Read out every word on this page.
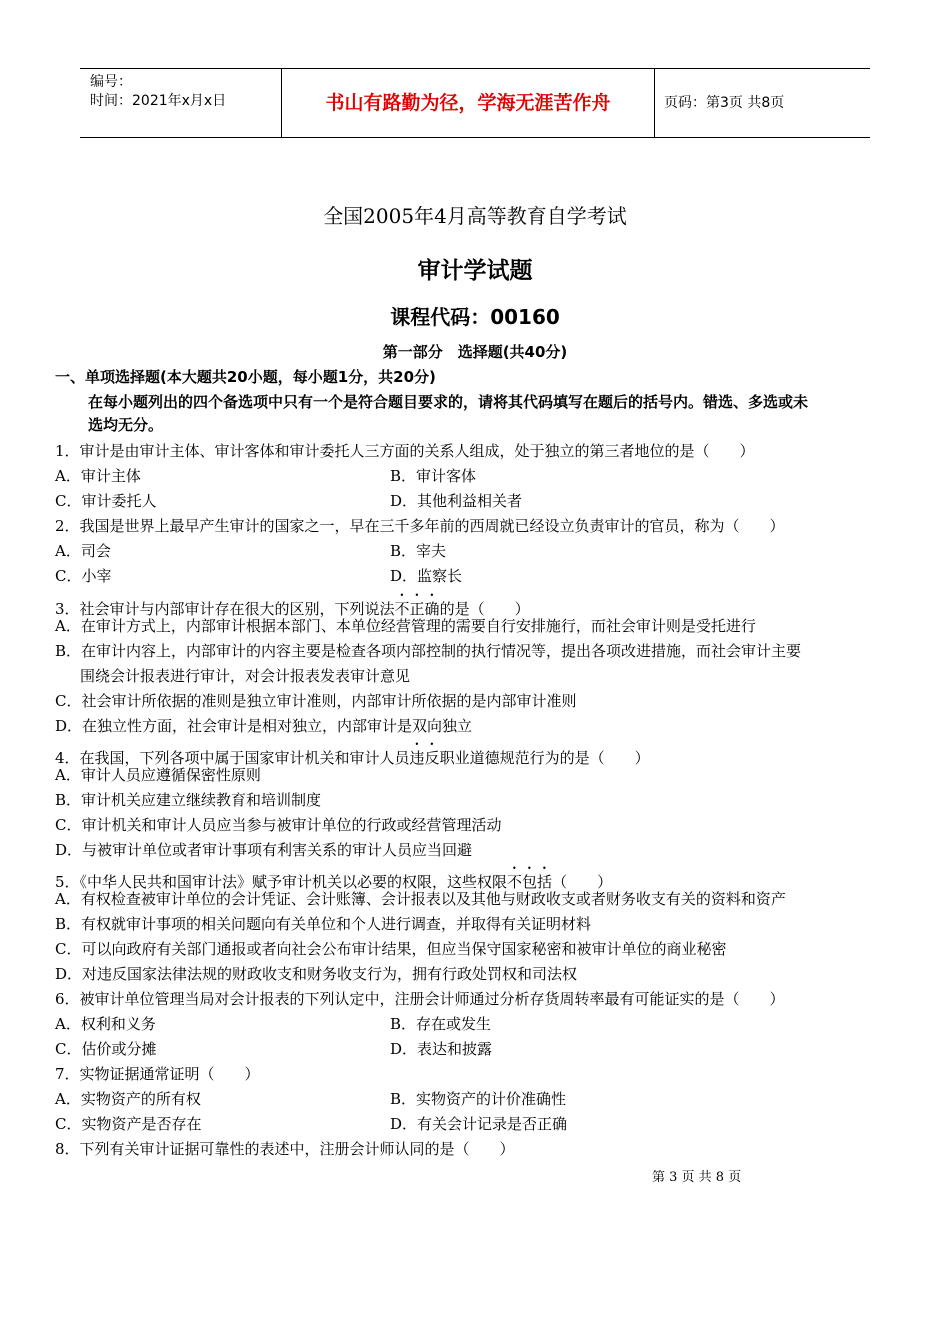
编号：
时间：2021年x月x日	书山有路勤为径，学海无涯苦作舟	页码：第3页 共8页
全国2005年4月高等教育自学考试
审计学试题
课程代码：00160
第一部分　选择题(共40分)
一、单项选择题(本大题共20小题，每小题1分，共20分)
在每小题列出的四个备选项中只有一个是符合题目要求的，请将其代码填写在题后的括号内。错选、多选或未
选均无分。
1．审计是由审计主体、审计客体和审计委托人三方面的关系人组成，处于独立的第三者地位的是（　　）
A．审计主体	B．审计客体
C．审计委托人	D．其他利益相关者
2．我国是世界上最早产生审计的国家之一，早在三千多年前的西周就已经设立负责审计的官员，称为（　　）
A．司会	B．宰夫
C．小宰	D．监察长
3．社会审计与内部审计存在很大的区别，下列说法不正确的是（　　）
A．在审计方式上，内部审计根据本部门、本单位经营管理的需要自行安排施行，而社会审计则是受托进行
B．在审计内容上，内部审计的内容主要是检查各项内部控制的执行情况等，提出各项改进措施，而社会审计主要
围绕会计报表进行审计，对会计报表发表审计意见
C．社会审计所依据的准则是独立审计准则，内部审计所依据的是内部审计准则
D．在独立性方面，社会审计是相对独立，内部审计是双向独立
4．在我国，下列各项中属于国家审计机关和审计人员违反职业道德规范行为的是（　　）
A．审计人员应遵循保密性原则
B．审计机关应建立继续教育和培训制度
C．审计机关和审计人员应当参与被审计单位的行政或经营管理活动
D．与被审计单位或者审计事项有利害关系的审计人员应当回避
5．《中华人民共和国审计法》赋予审计机关以必要的权限，这些权限不包括（　　）
A．有权检查被审计单位的会计凭证、会计账簿、会计报表以及其他与财政收支或者财务收支有关的资料和资产
B．有权就审计事项的相关问题向有关单位和个人进行调查，并取得有关证明材料
C．可以向政府有关部门通报或者向社会公布审计结果，但应当保守国家秘密和被审计单位的商业秘密
D．对违反国家法律法规的财政收支和财务收支行为，拥有行政处罚权和司法权
6．被审计单位管理当局对会计报表的下列认定中，注册会计师通过分析存货周转率最有可能证实的是（　　）
A．权利和义务	B．存在或发生
C．估价或分摊	D．表达和披露
7．实物证据通常证明（　　）
A．实物资产的所有权	B．实物资产的计价准确性
C．实物资产是否存在	D．有关会计记录是否正确
8．下列有关审计证据可靠性的表述中，注册会计师认同的是（　　）
第 3 页 共 8 页
